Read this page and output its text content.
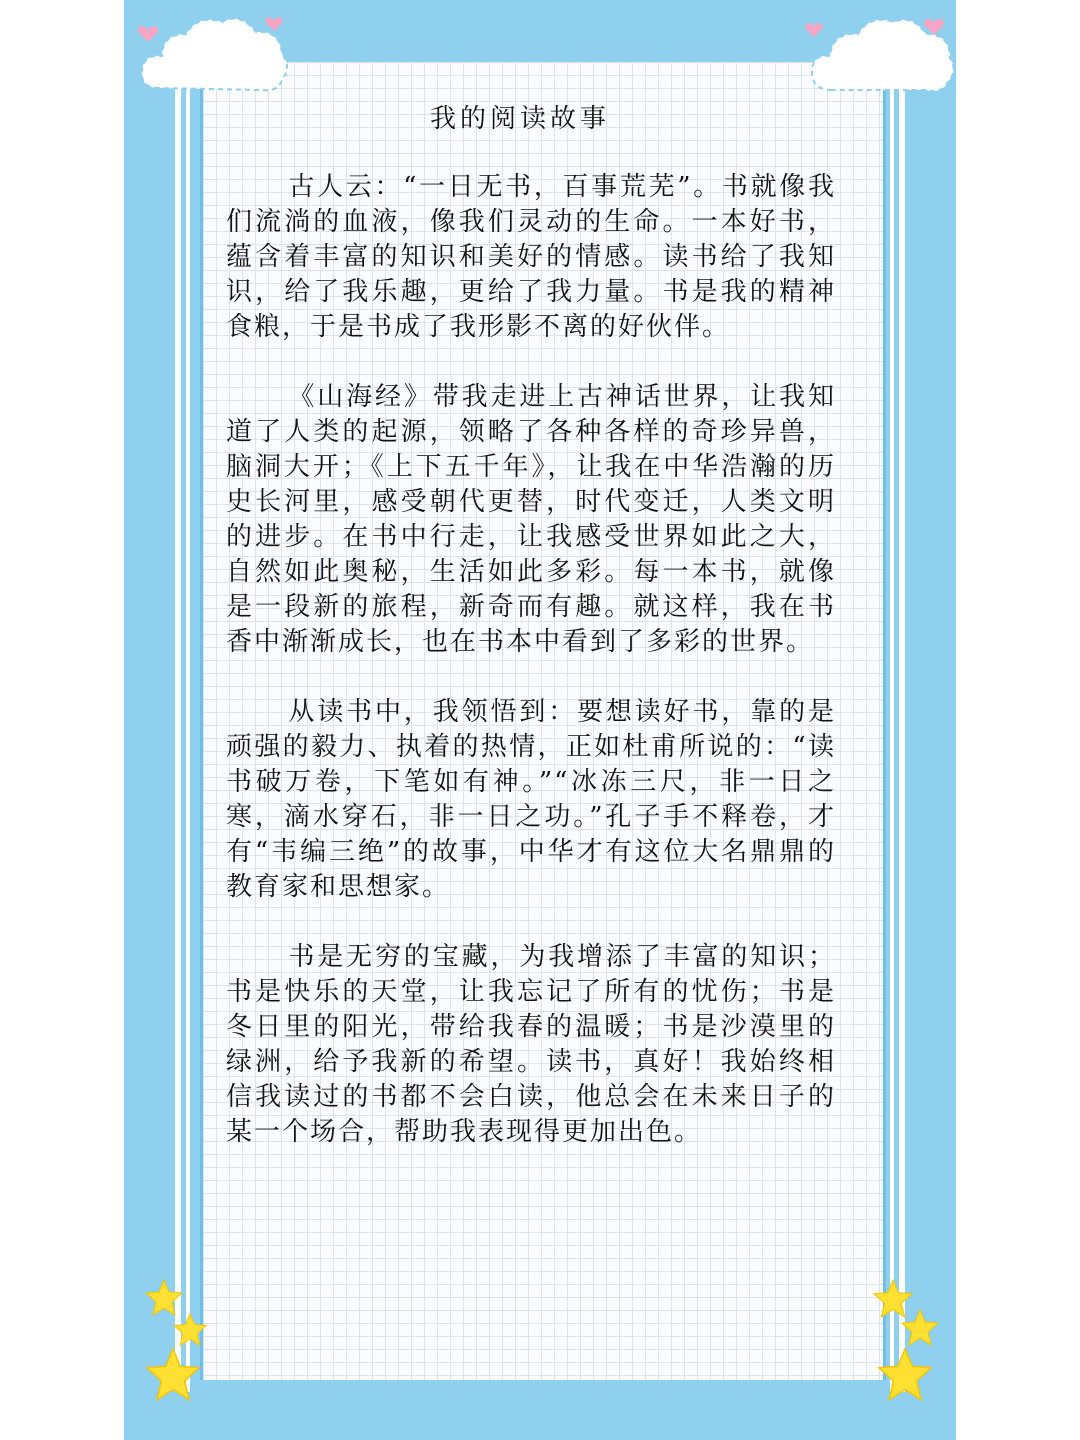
我的阅读故事

古人云：“一日无书，百事荒芜”。书就像我们流淌的血液，像我们灵动的生命。一本好书，蕴含着丰富的知识和美好的情感。读书给了我知识，给了我乐趣，更给了我力量。书是我的精神食粮，于是书成了我形影不离的好伙伴。

《山海经》带我走进上古神话世界，让我知道了人类的起源，领略了各种各样的奇珍异兽，脑洞大开；《上下五千年》，让我在中华浩瀚的历史长河里，感受朝代更替，时代变迁，人类文明的进步。在书中行走，让我感受世界如此之大，自然如此奥秘，生活如此多彩。每一本书，就像是一段新的旅程，新奇而有趣。就这样，我在书香中渐渐成长，也在书本中看到了多彩的世界。

从读书中，我领悟到：要想读好书，靠的是顽强的毅力、执着的热情，正如杜甫所说的：“读书破万卷，下笔如有神。”“冰冻三尺，非一日之寒，滴水穿石，非一日之功。”孔子手不释卷，才有“韦编三绝”的故事，中华才有这位大名鼎鼎的教育家和思想家。

书是无穷的宝藏，为我增添了丰富的知识；书是快乐的天堂，让我忘记了所有的忧伤；书是冬日里的阳光，带给我春的温暖；书是沙漠里的绿洲，给予我新的希望。读书，真好！我始终相信我读过的书都不会白读，他总会在未来日子的某一个场合，帮助我表现得更加出色。
